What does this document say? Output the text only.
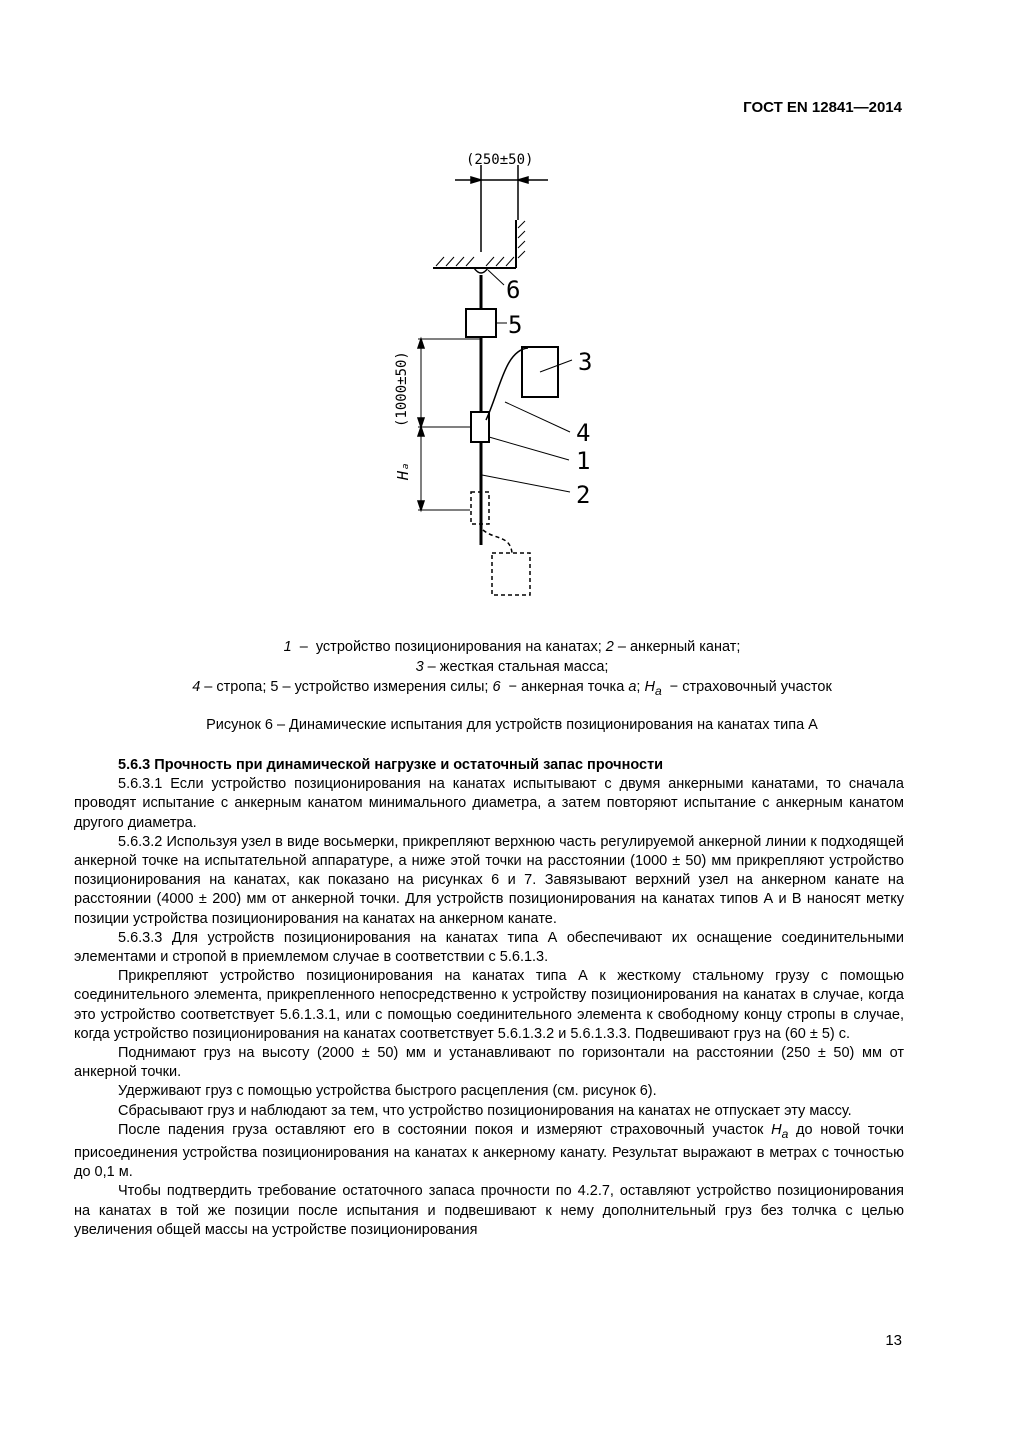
ГОСТ EN 12841—2014
(250±50)
(1000±50)
Hₐ
6
5
3
4
1
2
1  –  устройство позиционирования на канатах; 2 – анкерный канат;
3 – жесткая стальная масса;
4 – стропа; 5 – устройство измерения силы; 6  − анкерная точка а; $H_а$  − страховочный участок
Рисунок 6 – Динамические испытания для устройств позиционирования на канатах типа А
5.6.3 Прочность при динамической нагрузке и остаточный запас прочности

5.6.3.1 Если устройство позиционирования на канатах испытывают с двумя анкерными канатами, то сначала проводят испытание с анкерным канатом минимального диаметра, а затем повторяют испытание с анкерным канатом другого диаметра.

5.6.3.2 Используя узел в виде восьмерки, прикрепляют верхнюю часть регулируемой анкерной линии к подходящей анкерной точке на испытательной аппаратуре, а ниже этой точки на расстоянии (1000 ± 50) мм прикрепляют устройство позиционирования на канатах, как показано на рисунках 6 и 7. Завязывают верхний узел на анкерном канате на расстоянии (4000 ± 200) мм от анкерной точки. Для устройств позиционирования на канатах типов А и В наносят метку позиции устройства позиционирования на канатах на анкерном канате.

5.6.3.3 Для устройств позиционирования на канатах типа А обеспечивают их оснащение соединительными элементами и стропой в приемлемом случае в соответствии с 5.6.1.3.

Прикрепляют устройство позиционирования на канатах типа А к жесткому стальному грузу с помощью соединительного элемента, прикрепленного непосредственно к устройству позиционирования на канатах в случае, когда это устройство соответствует 5.6.1.3.1, или с помощью соединительного элемента к свободному концу стропы в случае, когда устройство позиционирования на канатах соответствует 5.6.1.3.2 и 5.6.1.3.3. Подвешивают груз на (60 ± 5) с.

Поднимают груз на высоту (2000 ± 50) мм и устанавливают по горизонтали на расстоянии (250 ± 50) мм от анкерной точки.

Удерживают груз с помощью устройства быстрого расцепления (см. рисунок 6).

Сбрасывают груз и наблюдают за тем, что устройство позиционирования на канатах не отпускает эту массу.

После падения груза оставляют его в состоянии покоя и измеряют страховочный участок $H_а$ до новой точки присоединения устройства позиционирования на канатах к анкерному канату. Результат выражают в метрах с точностью до 0,1 м.

Чтобы подтвердить требование остаточного запаса прочности по 4.2.7, оставляют устройство позиционирования на канатах в той же позиции после испытания и подвешивают к нему дополнительный груз без толчка с целью увеличения общей массы на устройстве позиционирования

13
